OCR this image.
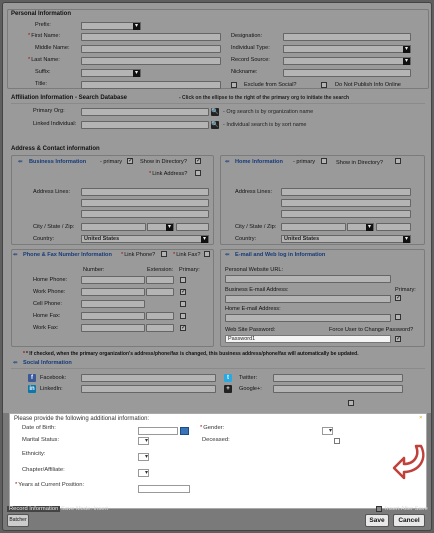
Personal Information
Prefix:
▾
*First Name:
Middle Name:
*Last Name:
Suffix:
▾
Title:
Designation:
Individual Type:
▾
Record Source:
▾
Nickname:
Exclude from Social?	Do Not Publish Info Online
Affiliation Information - Search Database	- Click on the ellipse to the right of the primary org to initiate the search
Primary Org:	🔍 - Org search is by organization name
Linked Individual:	🔍 - Individual search is by sort name
Address & Contact information
⇚ Business Information - primary ✓ Show in Directory? ✓
*Link Address?
⇚ Home Information - primary	Show in Directory?
Address Lines:
City / State / Zip:
▾
Country:	United States
▾
Address Lines:
City / State / Zip:
▾
Country:	United States
▾
⇚ Phone & Fax Number Information *Link Phone?	*Link Fax?
Number:	Extension: Primary:
Home Phone:
Work Phone:	✓
Cell Phone:
Home Fax:
Work Fax:	✓
⇚ E-mail and Web log in Information
Personal Website URL:
Business E-mail Address:	Primary:
✓
Home E-mail Address:
Web Site Password:	Force User to Change Password?
Password1	✓
** If checked, when the primary organization's address/phone/fax is changed, this business address/phone/fax will automatically be updated.
⇚ Social Information
f	Facebook:
in LinkedIn:
t	Twitter:
+	Google+:
Please provide the following additional information:	×
Date of Birth:	*Gender:
▾
Marital Status:
▾	Deceased:
Ethnicity:
▾
Chapter/Affiliate:
▾
*Years at Current Position:
Record Information Save Mode: Insert	Insert After Save
Batcher	Save	Cancel
